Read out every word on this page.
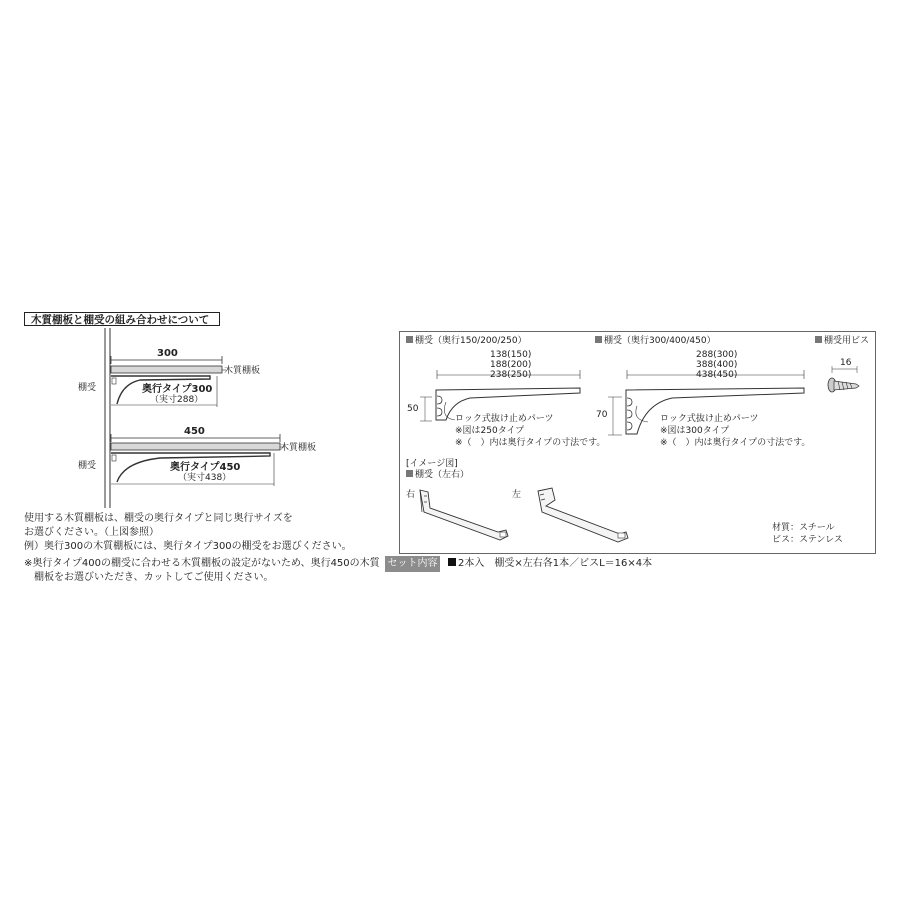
木質棚板と棚受の組み合わせについて
300
木質棚板
棚受	奥行タイプ300
（実寸288）
450
木質棚板
棚受	奥行タイプ450
（実寸438）
使用する木質棚板は、棚受の奥行タイプと同じ奥行サイズを
お選びください。（上図参照）
例）奥行300の木質棚板には、奥行タイプ300の棚受をお選びください。
※奥行タイプ400の棚受に合わせる木質棚板の設定がないため、奥行450の木質
　棚板をお選びいただき、カットしてご使用ください。
棚受（奥行150/200/250）
138(150)
188(200)
238(250)
50
ロック式抜け止めパーツ
※図は250タイプ
※（　）内は奥行タイプの寸法です。
棚受（奥行300/400/450）
288(300)
388(400)
438(450)
70	ロック式抜け止めパーツ
※図は300タイプ
※（　）内は奥行タイプの寸法です。
棚受用ビス
16
[イメージ図]
棚受（左右）
右	左
材質：スチール
ビス：ステンレス
セット内容	2本入　棚受×左右各1本／ビスL＝16×4本
